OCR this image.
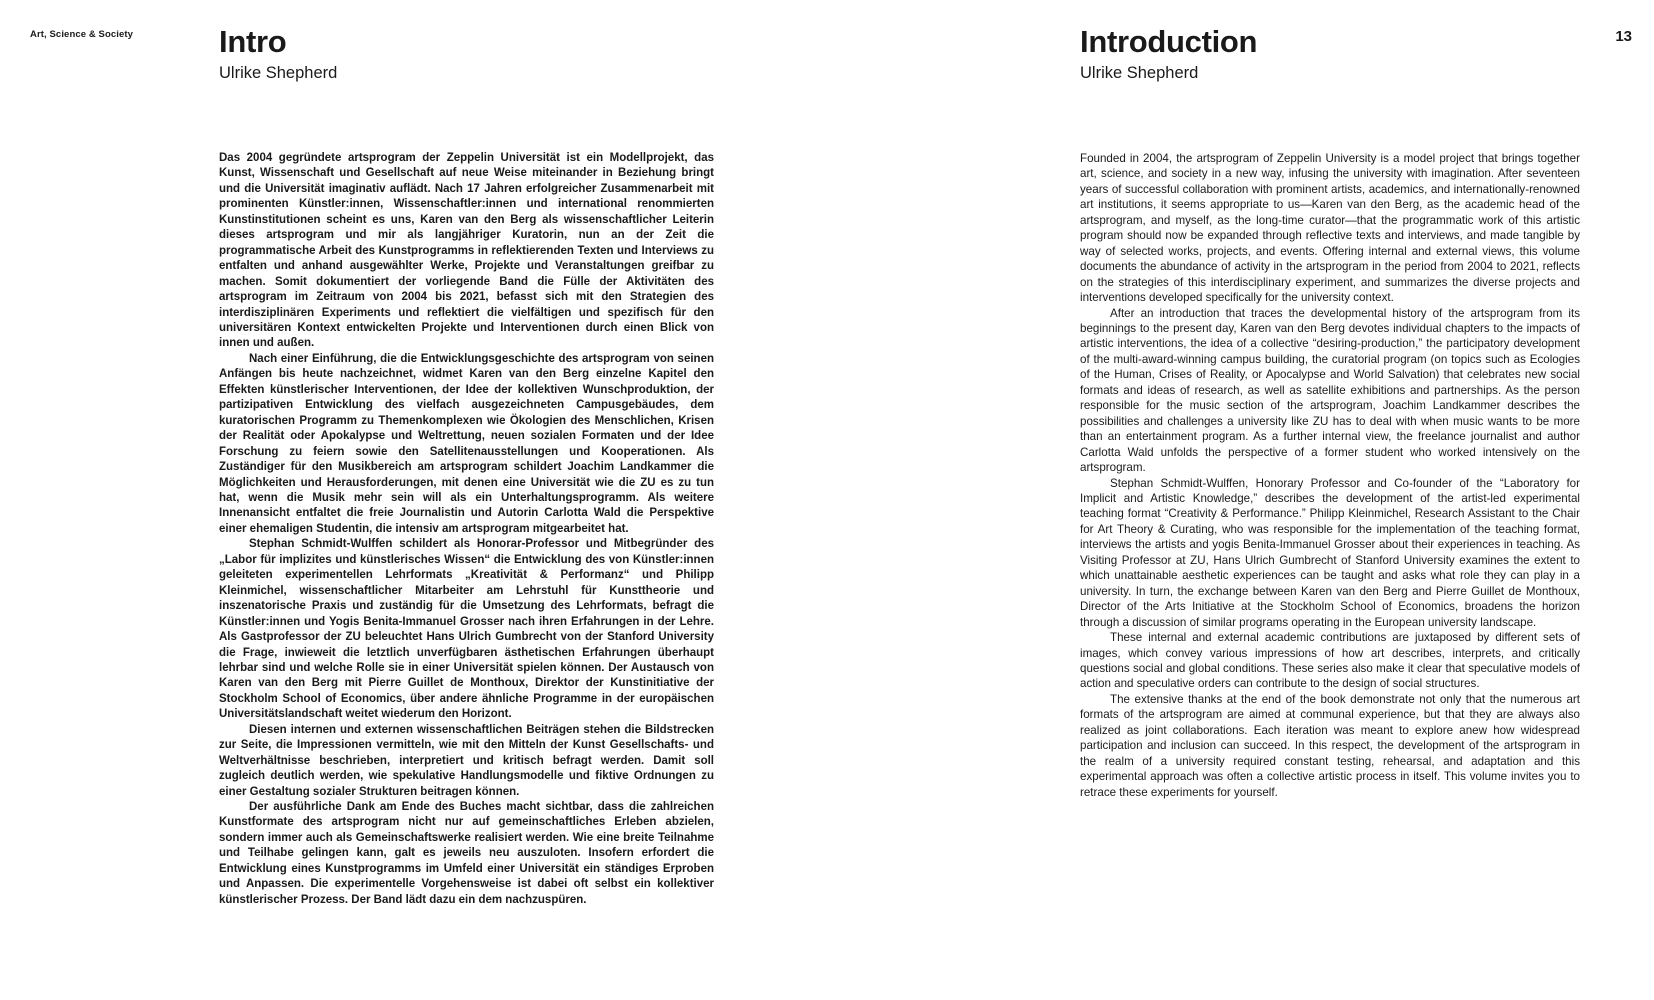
Art, Science & Society	13
Intro
Ulrike Shepherd

Das 2004 gegründete artsprogram der Zeppelin Universität ist ein Modellprojekt, das Kunst, Wissenschaft und Gesellschaft auf neue Weise miteinander in Beziehung bringt und die Universität imaginativ auflädt. Nach 17 Jahren erfolgreicher Zusammenarbeit mit prominenten Künstler:innen, Wissenschaftler:innen und international renommierten Kunstinstitutionen scheint es uns, Karen van den Berg als wissenschaftlicher Leiterin dieses artsprogram und mir als langjähriger Kuratorin, nun an der Zeit die programmatische Arbeit des Kunstprogramms in reflektierenden Texten und Interviews zu entfalten und anhand ausgewählter Werke, Projekte und Veranstaltungen greifbar zu machen. Somit dokumentiert der vorliegende Band die Fülle der Aktivitäten des artsprogram im Zeitraum von 2004 bis 2021, befasst sich mit den Strategien des interdisziplinären Experiments und reflektiert die vielfältigen und spezifisch für den universitären Kontext entwickelten Projekte und Interventionen durch einen Blick von innen und außen.

Nach einer Einführung, die die Entwicklungsgeschichte des artsprogram von seinen Anfängen bis heute nachzeichnet, widmet Karen van den Berg einzelne Kapitel den Effekten künstlerischer Interventionen, der Idee der kollektiven Wunschproduktion, der partizipativen Entwicklung des vielfach ausgezeichneten Campusgebäudes, dem kuratorischen Programm zu Themenkomplexen wie Ökologien des Menschlichen, Krisen der Realität oder Apokalypse und Weltrettung, neuen sozialen Formaten und der Idee Forschung zu feiern sowie den Satellitenausstellungen und Kooperationen. Als Zuständiger für den Musikbereich am artsprogram schildert Joachim Landkammer die Möglichkeiten und Herausforderungen, mit denen eine Universität wie die ZU es zu tun hat, wenn die Musik mehr sein will als ein Unterhaltungsprogramm. Als weitere Innenansicht entfaltet die freie Journalistin und Autorin Carlotta Wald die Perspektive einer ehemaligen Studentin, die intensiv am artsprogram mitgearbeitet hat.

Stephan Schmidt-Wulffen schildert als Honorar-Professor und Mitbegründer des „Labor für implizites und künstlerisches Wissen“ die Entwicklung des von Künstler:innen geleiteten experimentellen Lehrformats „Kreativität & Performanz“ und Philipp Kleinmichel, wissenschaftlicher Mitarbeiter am Lehrstuhl für Kunsttheorie und inszenatorische Praxis und zuständig für die Umsetzung des Lehrformats, befragt die Künstler:innen und Yogis Benita-Immanuel Grosser nach ihren Erfahrungen in der Lehre. Als Gastprofessor der ZU beleuchtet Hans Ulrich Gumbrecht von der Stanford University die Frage, inwieweit die letztlich unverfügbaren ästhetischen Erfahrungen überhaupt lehrbar sind und welche Rolle sie in einer Universität spielen können. Der Austausch von Karen van den Berg mit Pierre Guillet de Monthoux, Direktor der Kunstinitiative der Stockholm School of Economics, über andere ähnliche Programme in der europäischen Universitätslandschaft weitet wiederum den Horizont.

Diesen internen und externen wissenschaftlichen Beiträgen stehen die Bildstrecken zur Seite, die Impressionen vermitteln, wie mit den Mitteln der Kunst Gesellschafts- und Weltverhältnisse beschrieben, interpretiert und kritisch befragt werden. Damit soll zugleich deutlich werden, wie spekulative Handlungsmodelle und fiktive Ordnungen zu einer Gestaltung sozialer Strukturen beitragen können.

Der ausführliche Dank am Ende des Buches macht sichtbar, dass die zahlreichen Kunstformate des artsprogram nicht nur auf gemeinschaftliches Erleben abzielen, sondern immer auch als Gemeinschaftswerke realisiert werden. Wie eine breite Teilnahme und Teilhabe gelingen kann, galt es jeweils neu auszuloten. Insofern erfordert die Entwicklung eines Kunstprogramms im Umfeld einer Universität ein ständiges Erproben und Anpassen. Die experimentelle Vorgehensweise ist dabei oft selbst ein kollektiver künstlerischer Prozess. Der Band lädt dazu ein dem nachzuspüren.

Introduction
Ulrike Shepherd

Founded in 2004, the artsprogram of Zeppelin University is a model project that brings together art, science, and society in a new way, infusing the university with imagination. After seventeen years of successful collaboration with prominent artists, academics, and internationally-renowned art institutions, it seems appropriate to us—Karen van den Berg, as the academic head of the artsprogram, and myself, as the long-time curator—that the programmatic work of this artistic program should now be expanded through reflective texts and interviews, and made tangible by way of selected works, projects, and events. Offering internal and external views, this volume documents the abundance of activity in the artsprogram in the period from 2004 to 2021, reflects on the strategies of this interdisciplinary experiment, and summarizes the diverse projects and interventions developed specifically for the university context.

After an introduction that traces the developmental history of the artsprogram from its beginnings to the present day, Karen van den Berg devotes individual chapters to the impacts of artistic interventions, the idea of a collective “desiring-production,” the participatory development of the multi-award-winning campus building, the curatorial program (on topics such as Ecologies of the Human, Crises of Reality, or Apocalypse and World Salvation) that celebrates new social formats and ideas of research, as well as satellite exhibitions and partnerships. As the person responsible for the music section of the artsprogram, Joachim Landkammer describes the possibilities and challenges a university like ZU has to deal with when music wants to be more than an entertainment program. As a further internal view, the freelance journalist and author Carlotta Wald unfolds the perspective of a former student who worked intensively on the artsprogram.

Stephan Schmidt-Wulffen, Honorary Professor and Co-founder of the “Laboratory for Implicit and Artistic Knowledge,” describes the development of the artist-led experimental teaching format “Creativity & Performance.” Philipp Kleinmichel, Research Assistant to the Chair for Art Theory & Curating, who was responsible for the implementation of the teaching format, interviews the artists and yogis Benita-Immanuel Grosser about their experiences in teaching. As Visiting Professor at ZU, Hans Ulrich Gumbrecht of Stanford University examines the extent to which unattainable aesthetic experiences can be taught and asks what role they can play in a university. In turn, the exchange between Karen van den Berg and Pierre Guillet de Monthoux, Director of the Arts Initiative at the Stockholm School of Economics, broadens the horizon through a discussion of similar programs operating in the European university landscape.

These internal and external academic contributions are juxtaposed by different sets of images, which convey various impressions of how art describes, interprets, and critically questions social and global conditions. These series also make it clear that speculative models of action and speculative orders can contribute to the design of social structures.

The extensive thanks at the end of the book demonstrate not only that the numerous art formats of the artsprogram are aimed at communal experience, but that they are always also realized as joint collaborations. Each iteration was meant to explore anew how widespread participation and inclusion can succeed. In this respect, the development of the artsprogram in the realm of a university required constant testing, rehearsal, and adaptation and this experimental approach was often a collective artistic process in itself. This volume invites you to retrace these experiments for yourself.
